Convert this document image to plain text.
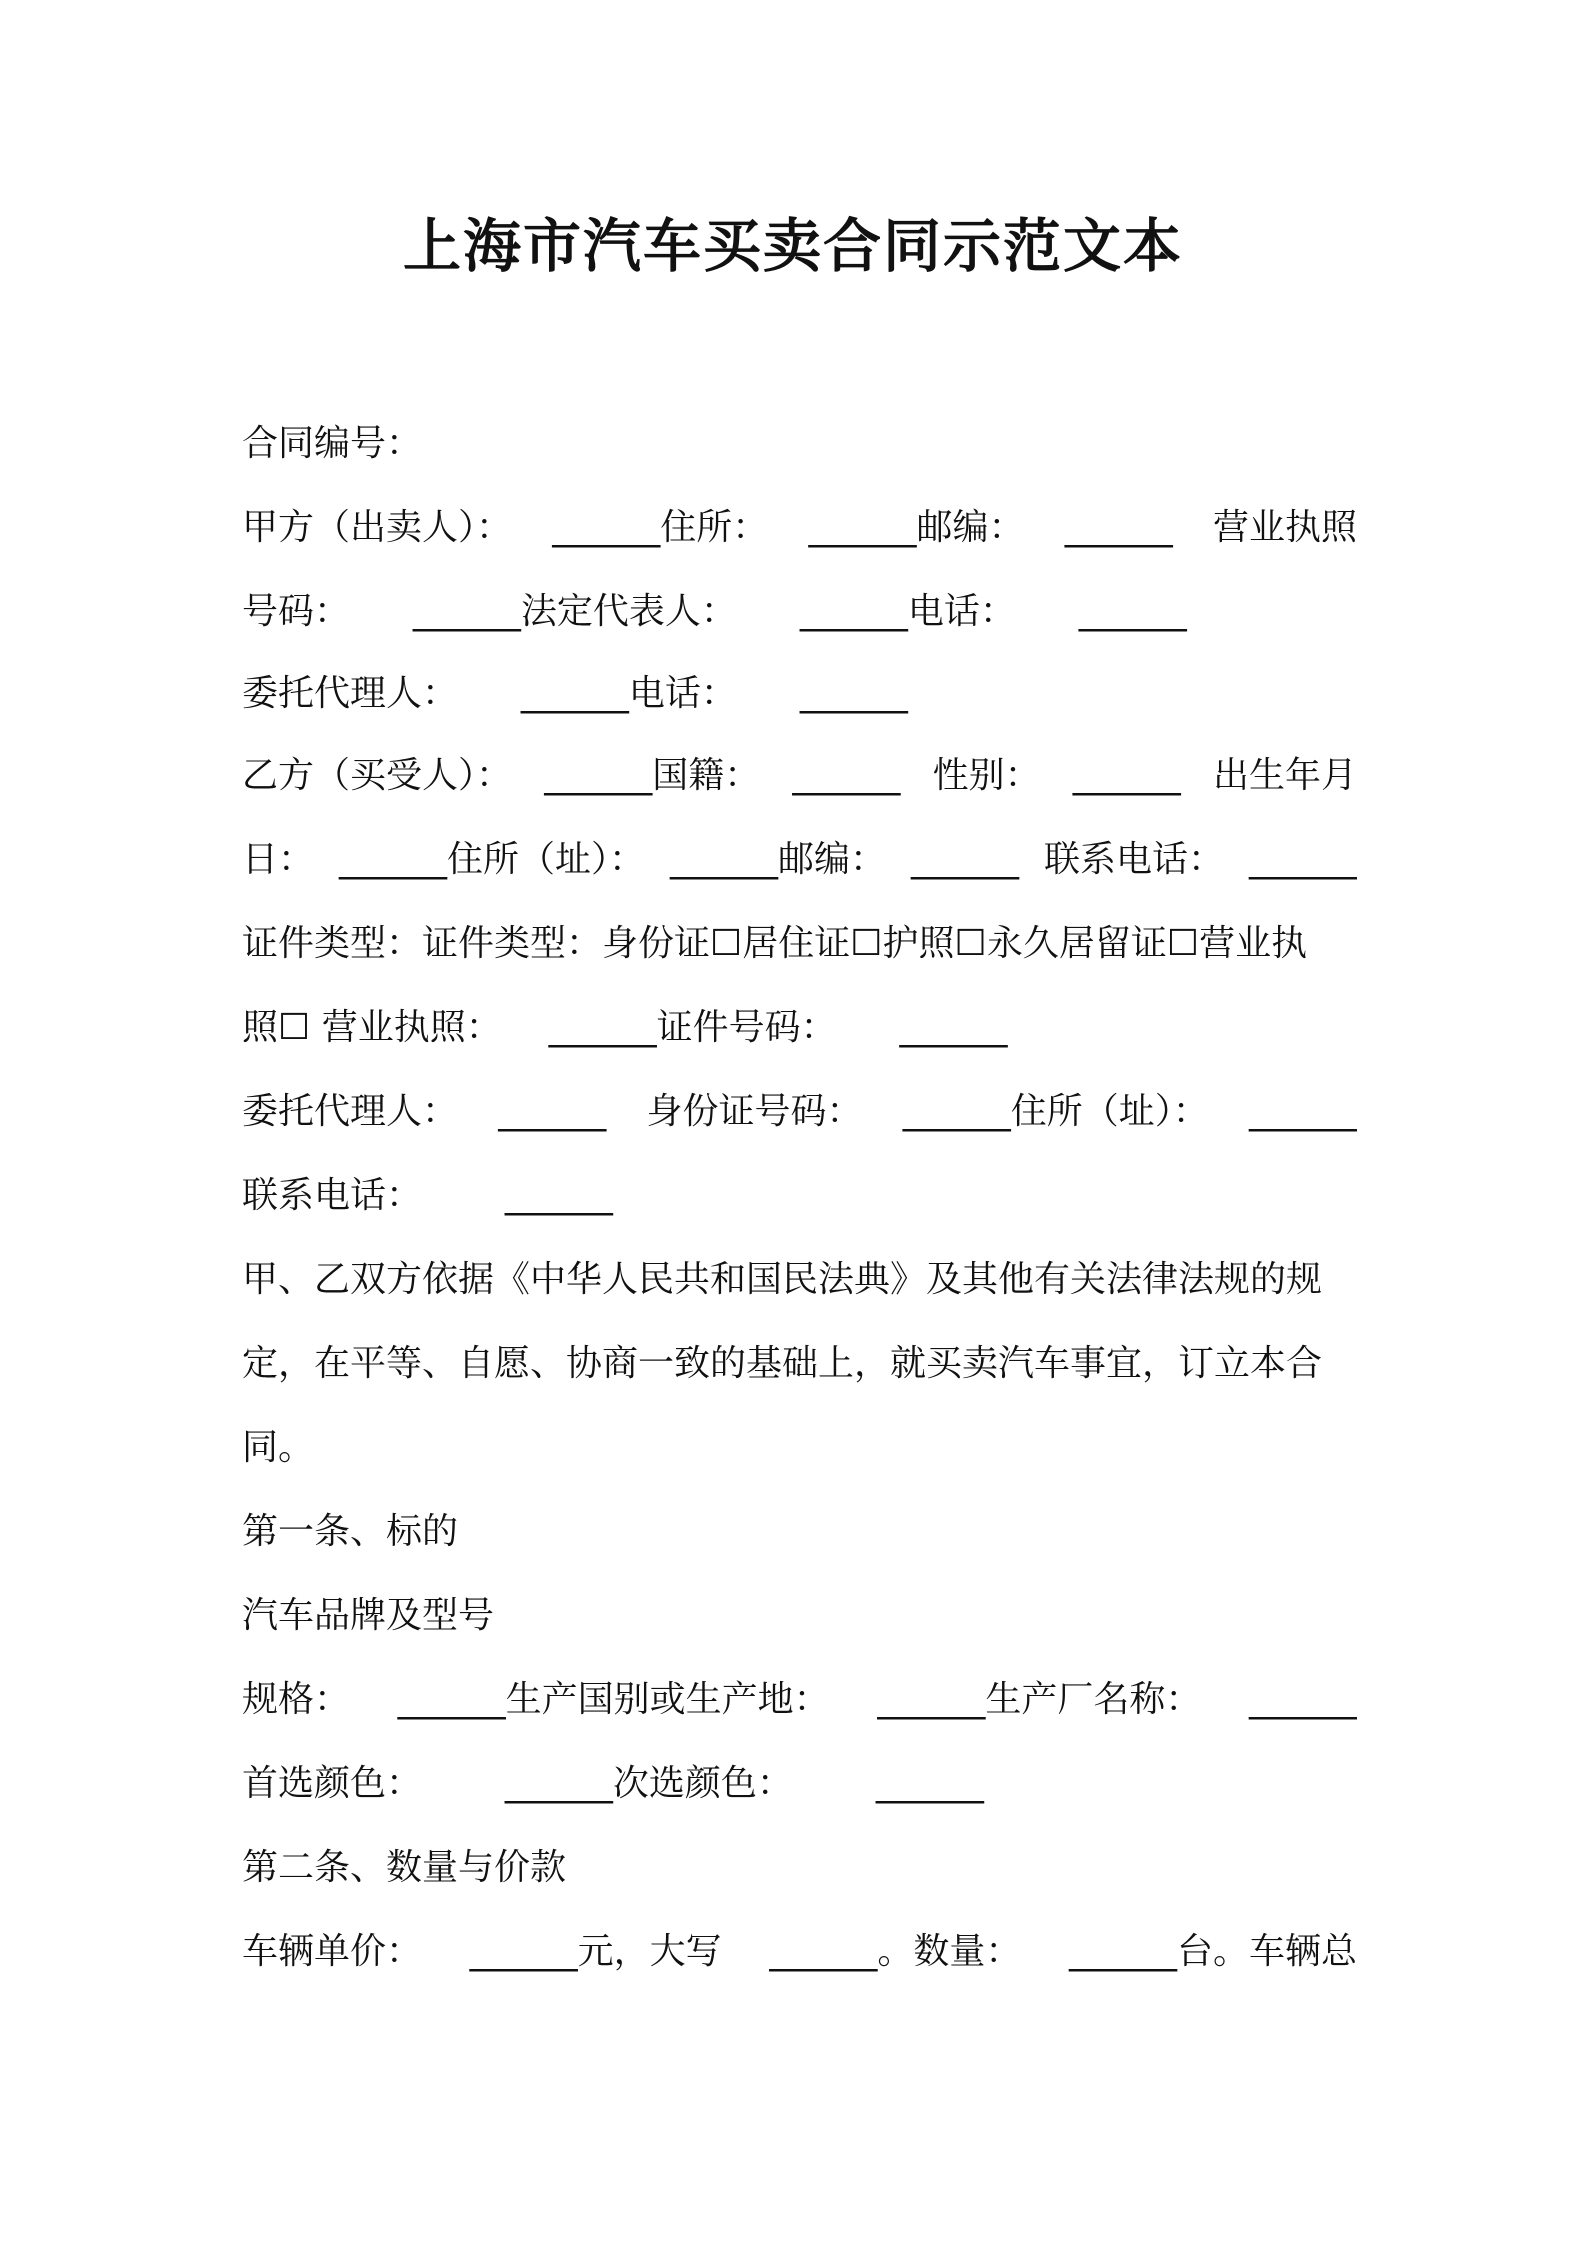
上海市汽车买卖合同示范文本
合同编号：
甲方（出卖人）： ______住所： ______邮编： ______ 营业执照
号码： ______法定代表人： ______电话： ______
委托代理人： ______电话： ______
乙方（买受人）： ______国籍： ______ 性别： ______ 出生年月
日： ______住所（址）： ______邮编： ______ 联系电话： ______
证件类型：证件类型：身份证☐居住证☐护照☐永久居留证☐营业执
照☐ 营业执照： ______证件号码： ______
委托代理人： ______ 身份证号码： ______住所（址）： ______
联系电话： ______
甲、乙双方依据《中华人民共和国民法典》及其他有关法律法规的规
定，在平等、自愿、协商一致的基础上，就买卖汽车事宜，订立本合
同。
第一条、标的
汽车品牌及型号
规格： ______生产国别或生产地： ______生产厂名称： ______
首选颜色： ______次选颜色： ______
第二条、数量与价款
车辆单价： ______元，大写 ______。数量： ______台。车辆总
